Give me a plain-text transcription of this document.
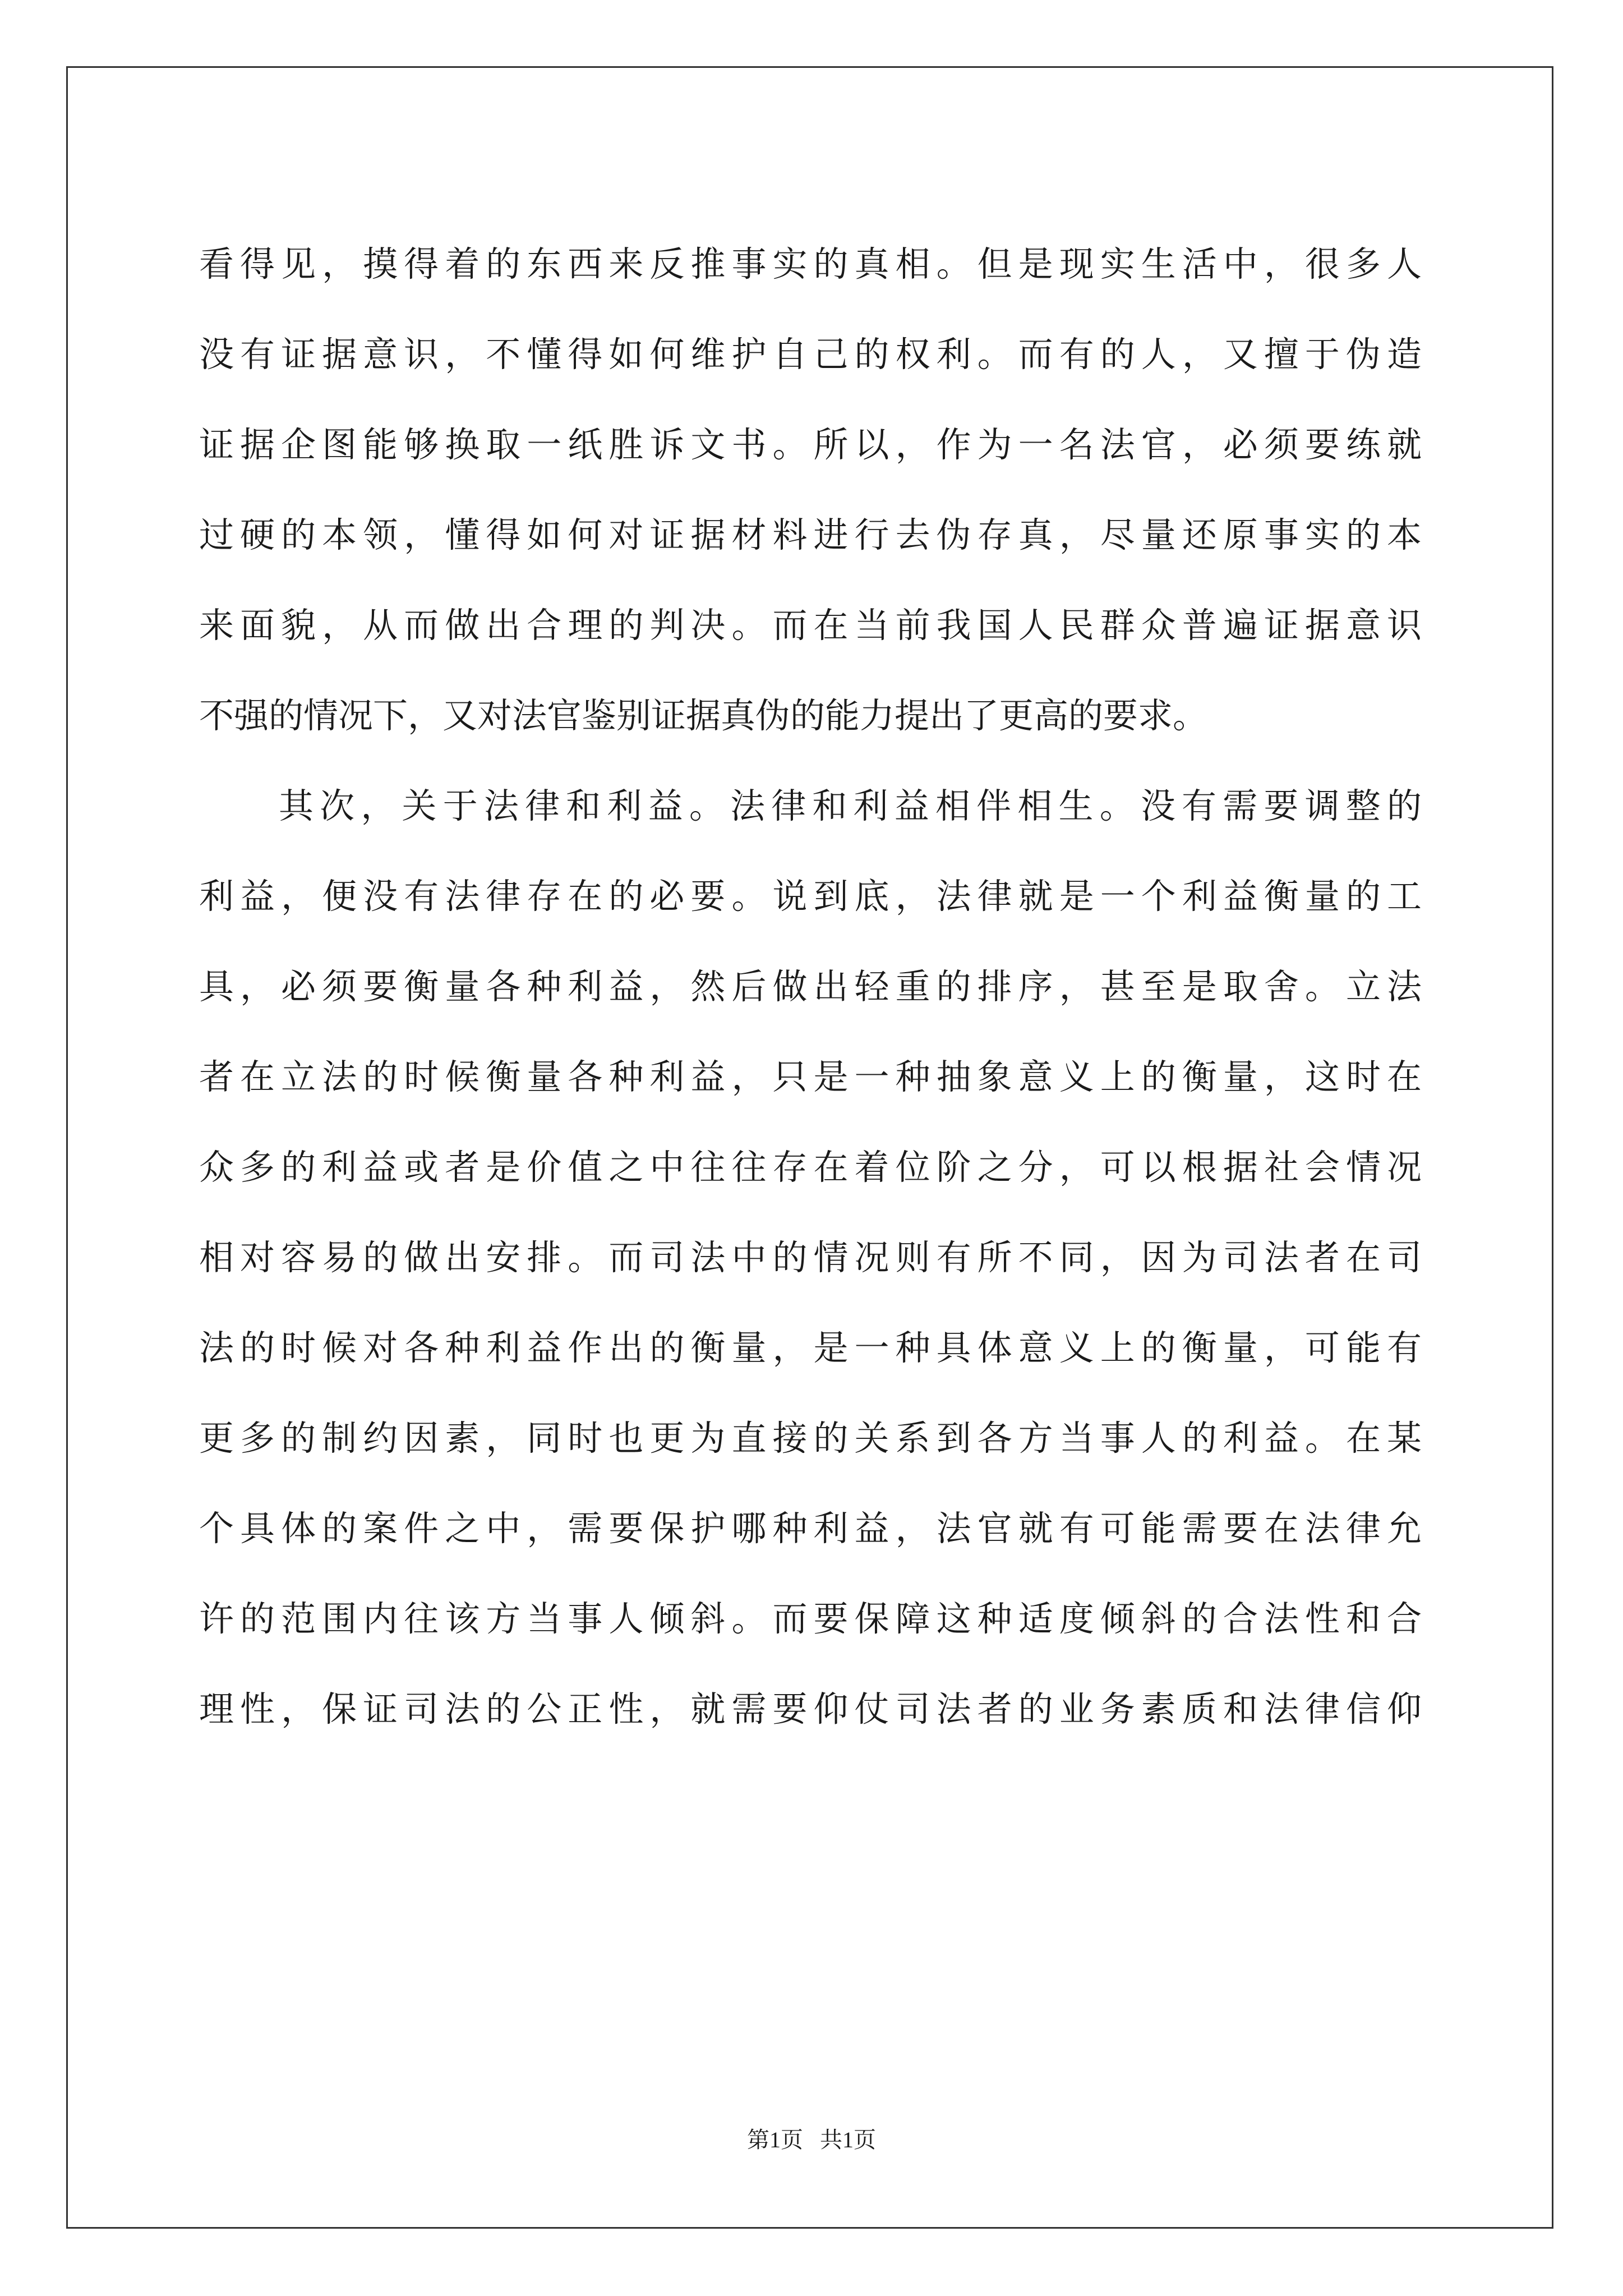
看得见，摸得着的东西来反推事实的真相。但是现实生活中，很多人
没有证据意识，不懂得如何维护自己的权利。而有的人，又擅于伪造
证据企图能够换取一纸胜诉文书。所以，作为一名法官，必须要练就
过硬的本领，懂得如何对证据材料进行去伪存真，尽量还原事实的本
来面貌，从而做出合理的判决。而在当前我国人民群众普遍证据意识
不强的情况下，又对法官鉴别证据真伪的能力提出了更高的要求。
其次，关于法律和利益。法律和利益相伴相生。没有需要调整的
利益，便没有法律存在的必要。说到底，法律就是一个利益衡量的工
具，必须要衡量各种利益，然后做出轻重的排序，甚至是取舍。立法
者在立法的时候衡量各种利益，只是一种抽象意义上的衡量，这时在
众多的利益或者是价值之中往往存在着位阶之分，可以根据社会情况
相对容易的做出安排。而司法中的情况则有所不同，因为司法者在司
法的时候对各种利益作出的衡量，是一种具体意义上的衡量，可能有
更多的制约因素，同时也更为直接的关系到各方当事人的利益。在某
个具体的案件之中，需要保护哪种利益，法官就有可能需要在法律允
许的范围内往该方当事人倾斜。而要保障这种适度倾斜的合法性和合
理性，保证司法的公正性，就需要仰仗司法者的业务素质和法律信仰
第1页   共1页
